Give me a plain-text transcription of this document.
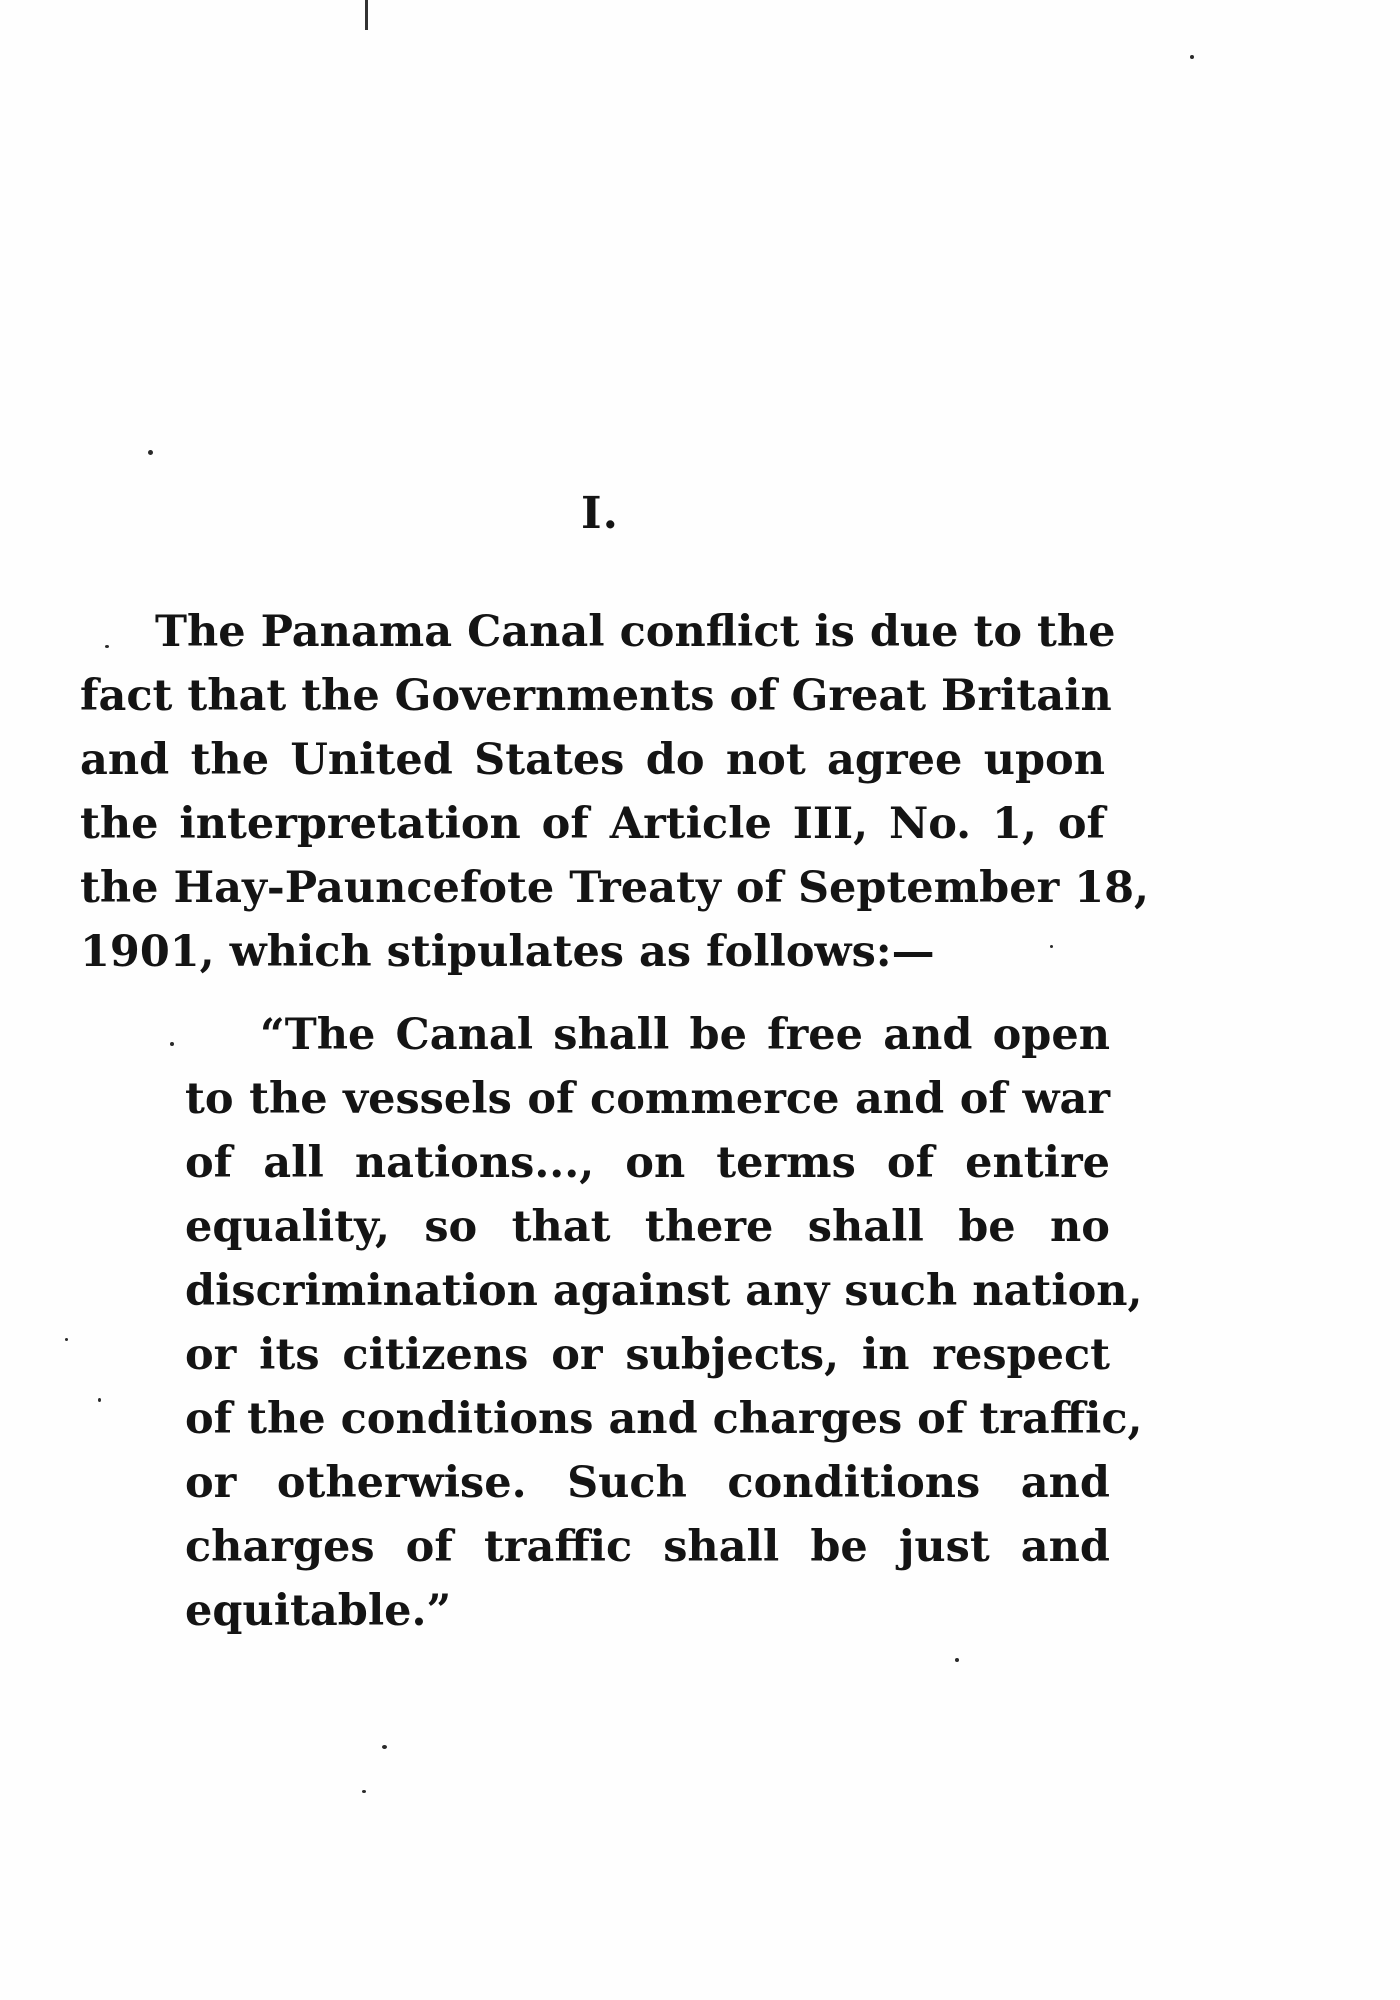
I.

The Panama Canal conflict is due to the
fact that the Governments of Great Britain
and the United States do not agree upon
the interpretation of Article III, No. 1, of
the Hay-Pauncefote Treaty of September 18,
1901, which stipulates as follows:—

“The Canal shall be free and open
to the vessels of commerce and of war
of all nations..., on terms of entire
equality, so that there shall be no
discrimination against any such nation,
or its citizens or subjects, in respect
of the conditions and charges of traffic,
or otherwise. Such conditions and
charges of traffic shall be just and
equitable.”
